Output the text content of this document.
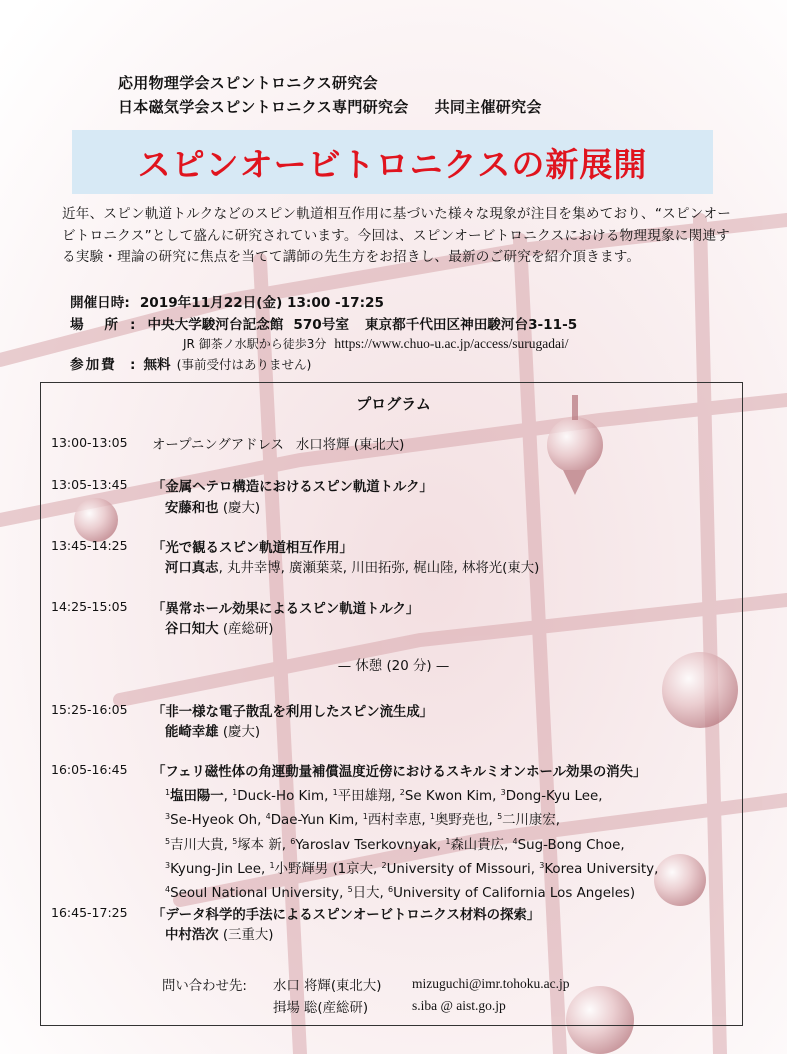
応用物理学会スピントロニクス研究会
日本磁気学会スピントロニクス専門研究会 共同主催研究会
スピンオービトロニクスの新展開
近年、スピン軌道トルクなどのスピン軌道相互作用に基づいた様々な現象が注目を集めており、“スピンオービトロニクス”として盛んに研究されています。今回は、スピンオービトロニクスにおける物理現象に関連する実験・理論の研究に焦点を当てて講師の先生方をお招きし、最新のご研究を紹介頂きます。
開催日時: 2019年11月22日(金) 13:00 -17:25
場 所 : 中央大学駿河台記念館 570号室 東京都千代田区神田駿河台3-11-5
JR 御茶ノ水駅から徒歩3分 https://www.chuo-u.ac.jp/access/surugadai/
参加費 : 無料 (事前受付はありません)
プログラム
13:00-13:05 オープニングアドレス 水口将輝 (東北大)
13:05-13:45 「金属ヘテロ構造におけるスピン軌道トルク」
安藤和也 (慶大)
13:45-14:25 「光で観るスピン軌道相互作用」
河口真志, 丸井幸博, 廣瀬葉菜, 川田拓弥, 梶山陸, 林将光(東大)
14:25-15:05 「異常ホール効果によるスピン軌道トルク」
谷口知大 (産総研)
— 休憩 (20 分) —
15:25-16:05 「非一様な電子散乱を利用したスピン流生成」
能崎幸雄 (慶大)
16:05-16:45 「フェリ磁性体の角運動量補償温度近傍におけるスキルミオンホール効果の消失」
$^1$塩田陽一, $^1$Duck-Ho Kim, $^1$平田雄翔, $^2$Se Kwon Kim, $^3$Dong-Kyu Lee,
$^3$Se-Hyeok Oh, $^4$Dae-Yun Kim, $^1$西村幸恵, $^1$奥野尭也, $^5$二川康宏,
$^5$吉川大貴, $^5$塚本 新, $^6$Yaroslav Tserkovnyak, $^1$森山貴広, $^4$Sug-Bong Choe,
$^3$Kyung-Jin Lee, $^1$小野輝男 (1京大, $^2$University of Missouri, $^3$Korea University,
$^4$Seoul National University, $^5$日大, $^6$University of California Los Angeles)
16:45-17:25 「データ科学的手法によるスピンオービトロニクス材料の探索」
中村浩次 (三重大)
問い合わせ先: 水口 将輝(東北大) mizuguchi@imr.tohoku.ac.jp
揖場 聡(産総研)	s.iba @ aist.go.jp
